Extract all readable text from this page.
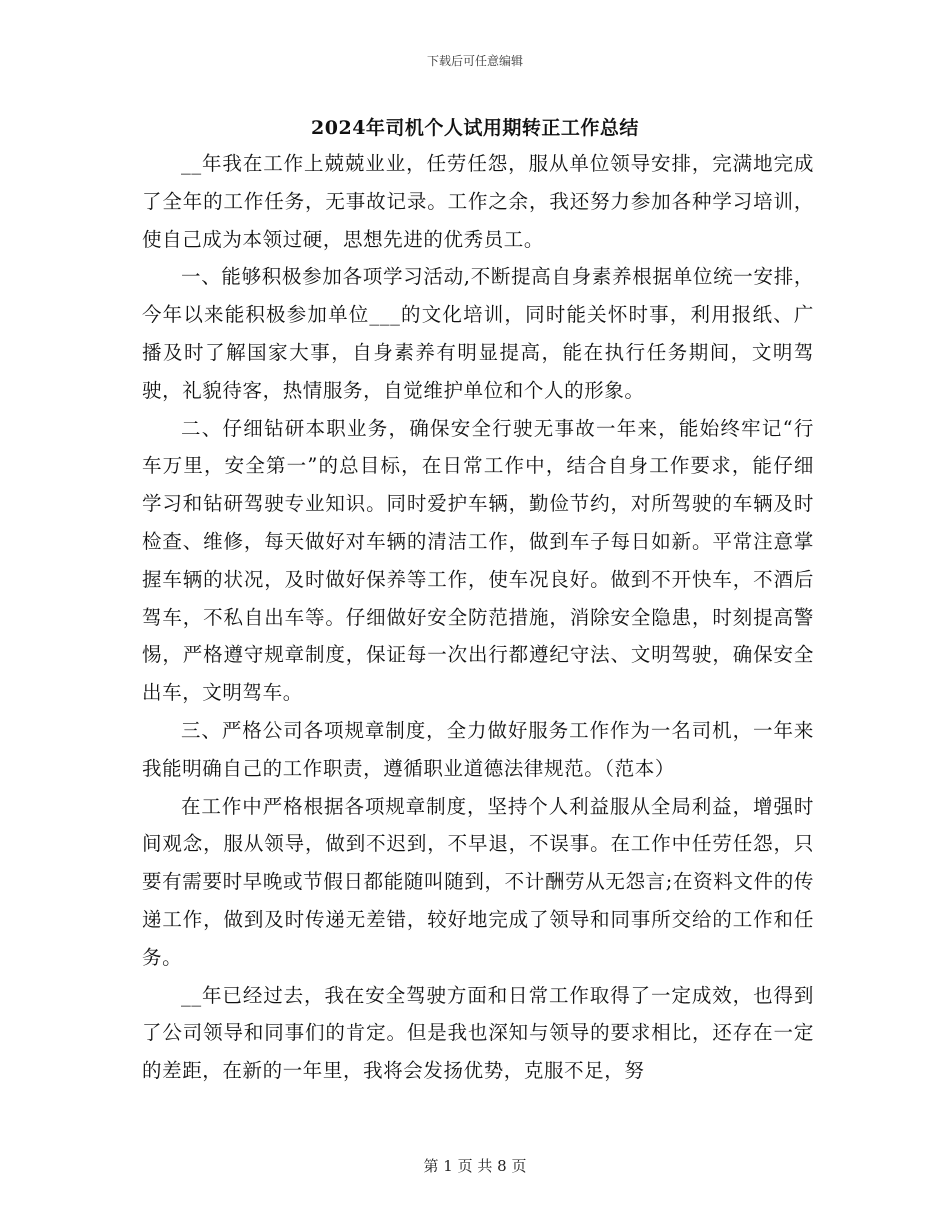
下载后可任意编辑
2024年司机个人试用期转正工作总结

__年我在工作上兢兢业业，任劳任怨，服从单位领导安排，完满地完成了全年的工作任务，无事故记录。工作之余，我还努力参加各种学习培训，使自己成为本领过硬，思想先进的优秀员工。

一、能够积极参加各项学习活动,不断提高自身素养根据单位统一安排，今年以来能积极参加单位___的文化培训，同时能关怀时事，利用报纸、广播及时了解国家大事，自身素养有明显提高，能在执行任务期间，文明驾驶，礼貌待客，热情服务，自觉维护单位和个人的形象。

二、仔细钻研本职业务，确保安全行驶无事故一年来，能始终牢记“行车万里，安全第一”的总目标，在日常工作中，结合自身工作要求，能仔细学习和钻研驾驶专业知识。同时爱护车辆，勤俭节约，对所驾驶的车辆及时检查、维修，每天做好对车辆的清洁工作，做到车子每日如新。平常注意掌握车辆的状况，及时做好保养等工作，使车况良好。做到不开快车，不酒后驾车，不私自出车等。仔细做好安全防范措施，消除安全隐患，时刻提高警惕，严格遵守规章制度，保证每一次出行都遵纪守法、文明驾驶，确保安全出车，文明驾车。

三、严格公司各项规章制度，全力做好服务工作作为一名司机，一年来我能明确自己的工作职责，遵循职业道德法律规范。（范本）

在工作中严格根据各项规章制度，坚持个人利益服从全局利益，增强时间观念，服从领导，做到不迟到，不早退，不误事。在工作中任劳任怨，只要有需要时早晚或节假日都能随叫随到，不计酬劳从无怨言;在资料文件的传递工作，做到及时传递无差错，较好地完成了领导和同事所交给的工作和任务。

__年已经过去，我在安全驾驶方面和日常工作取得了一定成效，也得到了公司领导和同事们的肯定。但是我也深知与领导的要求相比，还存在一定的差距，在新的一年里，我将会发扬优势，克服不足，努

第 1 页 共 8 页
